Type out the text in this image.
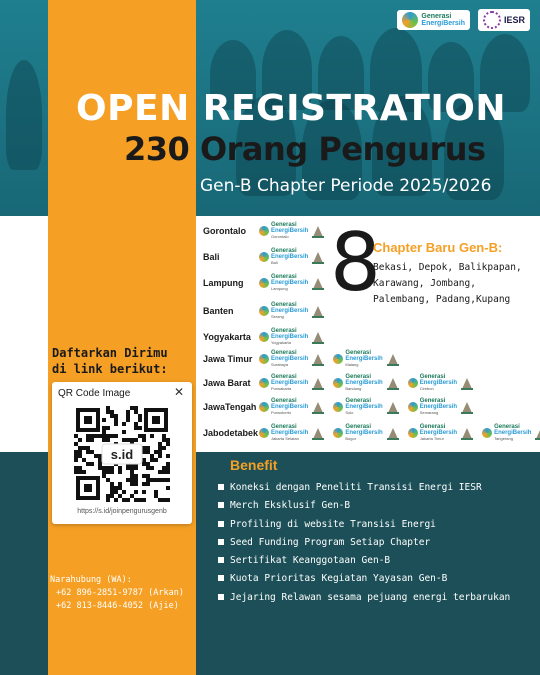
Generasi
EnergiBersih	IESR
OPEN REGISTRATION
230 Orang Pengurus
Gen-B Chapter Periode 2025/2026
Gorontalo
Generasi
EnergiBersih
Gorontalo
Bali
Generasi
EnergiBersih
Bali
Lampung
Generasi
EnergiBersih
Lampung
Banten
Generasi
EnergiBersih
Serang
Yogyakarta
Generasi
EnergiBersih
Yogyakarta
Jawa Timur
Generasi
EnergiBersih
Surabaya
Generasi
EnergiBersih
Malang
Jawa Barat
Generasi
EnergiBersih
Purwakarta
Generasi
EnergiBersih
Bandung
Generasi
EnergiBersih
Cirebon
JawaTengah
Generasi
EnergiBersih
Purwokerto
Generasi
EnergiBersih
Solo
Generasi
EnergiBersih
Semarang
Jabodetabek
Generasi
EnergiBersih
Jakarta Selatan
Generasi
EnergiBersih
Bogor
Generasi
EnergiBersih
Jakarta Timur
Generasi
EnergiBersih
Tangerang
8
Chapter Baru Gen-B:
Bekasi, Depok, Balikpapan,
Karawang, Jombang,
Palembang, Padang,Kupang
Daftarkan Dirimu
di link berikut:
QR Code Image	✕
s.id
https://s.id/joinpengurusgenb
Narahubung (WA):
+62 896-2851-9787 (Arkan)
+62 813-8446-4052 (Ajie)
Benefit
Koneksi dengan Peneliti Transisi Energi IESR
Merch Eksklusif Gen-B
Profiling di website Transisi Energi
Seed Funding Program Setiap Chapter
Sertifikat Keanggotaan Gen-B
Kuota Prioritas Kegiatan Yayasan Gen-B
Jejaring Relawan sesama pejuang energi terbarukan
